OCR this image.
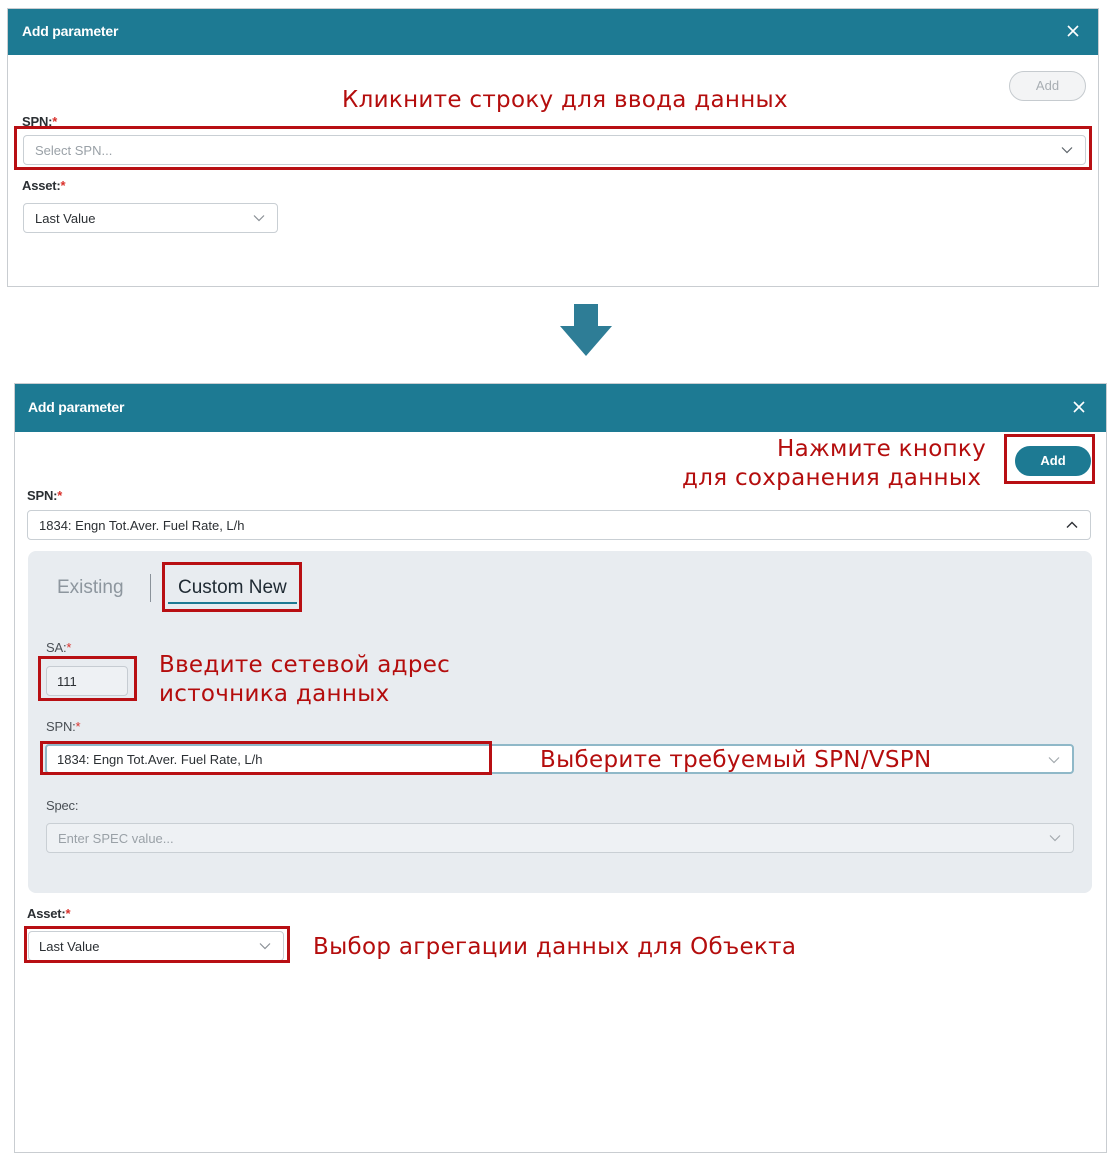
Add parameter
Add
SPN:*
Select SPN...
Asset:*
Last Value
Кликните строку для ввода данных
Add parameter
Add
Нажмите кнопку
для сохранения данных
SPN:*
1834: Engn Tot.Aver. Fuel Rate, L/h
Existing	Custom New
SA:*
111
Введите сетевой адрес
источника данных
SPN:*
1834: Engn Tot.Aver. Fuel Rate, L/h	Выберите требуемый SPN/VSPN
Spec:
Enter SPEC value...
Asset:*
Last Value	Выбор агрегации данных для Объекта
